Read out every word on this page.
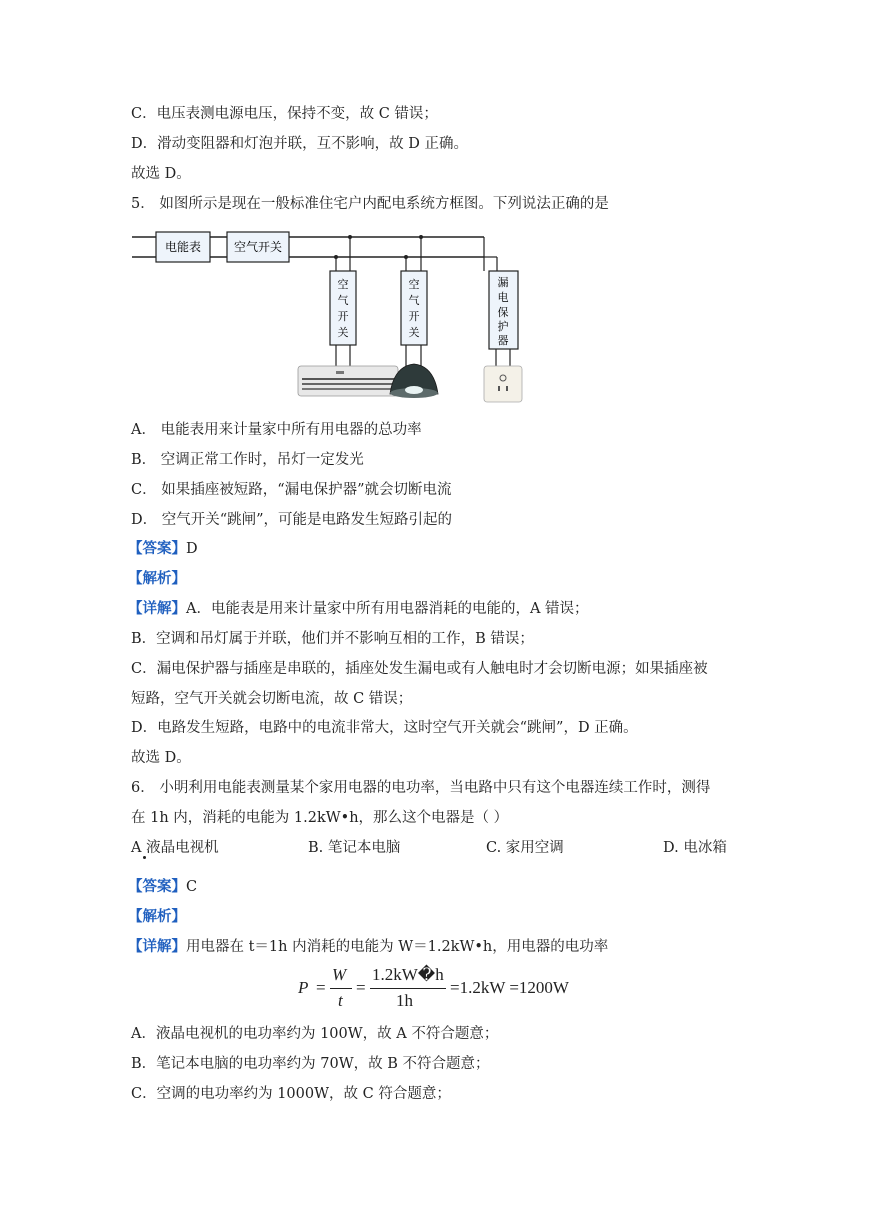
C．电压表测电源电压，保持不变，故 C 错误；
D．滑动变阻器和灯泡并联，互不影响，故 D 正确。
故选 D。
5． 如图所示是现在一般标准住宅户内配电系统方框图。下列说法正确的是
电能表	空气开关
空
气
开
关
空
气
开
关
漏
电
保
护
器
A． 电能表用来计量家中所有用电器的总功率
B． 空调正常工作时，吊灯一定发光
C． 如果插座被短路，“漏电保护器”就会切断电流
D． 空气开关“跳闸”，可能是电路发生短路引起的
【答案】D
【解析】
【详解】A．电能表是用来计量家中所有用电器消耗的电能的，A 错误；
B．空调和吊灯属于并联，他们并不影响互相的工作，B 错误；
C．漏电保护器与插座是串联的，插座处发生漏电或有人触电时才会切断电源；如果插座被
短路，空气开关就会切断电流，故 C 错误；
D．电路发生短路，电路中的电流非常大，这时空气开关就会“跳闸”，D 正确。
故选 D。
6． 小明利用电能表测量某个家用电器的电功率，当电路中只有这个电器连续工作时，测得
在 1h 内，消耗的电能为 1.2kW•h，那么这个电器是（ ）
A 液晶电视机	B. 笔记本电脑	C. 家用空调	D. 电冰箱
【答案】C
【解析】
【详解】用电器在 t＝1h 内消耗的电能为 W＝1.2kW•h，用电器的电功率
P =
W
t
=
1.2kW�h
1h
=1.2kW =1200W
A．液晶电视机的电功率约为 100W，故 A 不符合题意；
B．笔记本电脑的电功率约为 70W，故 B 不符合题意；
C．空调的电功率约为 1000W，故 C 符合题意；
